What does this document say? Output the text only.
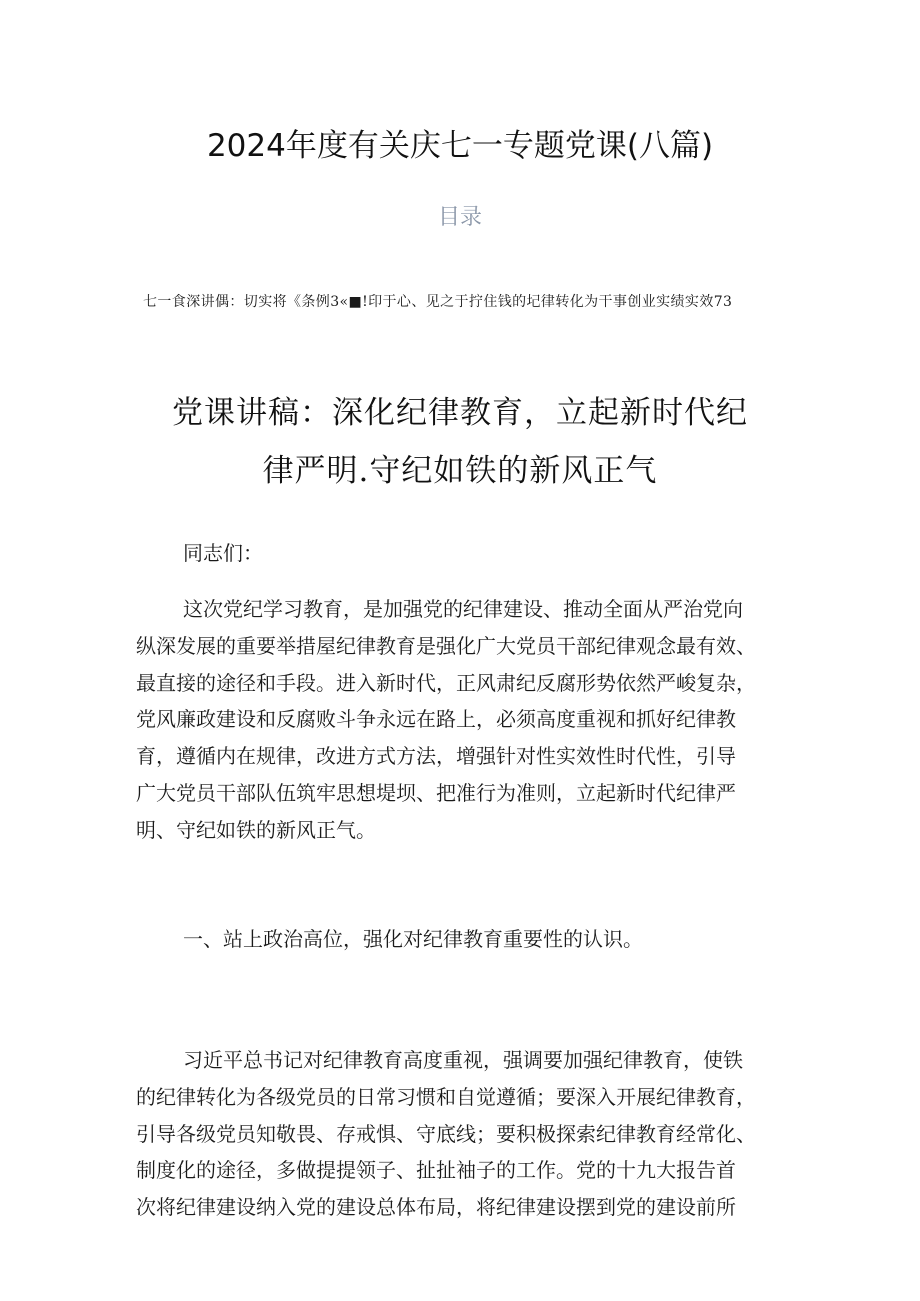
2024年度有关庆七一专题党课(八篇)
目录
七一食深讲偶：切实将《条例3«■!印于心、见之于拧住钱的圮律转化为干事创业实绩实效73
党课讲稿：深化纪律教育，立起新时代纪
律严明.守纪如铁的新风正气
同志们：
这次党纪学习教育，是加强党的纪律建设、推动全面从严治党向
纵深发展的重要举措屋纪律教育是强化广大党员干部纪律观念最有效、
最直接的途径和手段。进入新时代，正风肃纪反腐形势依然严峻复杂，
党风廉政建设和反腐败斗争永远在路上，必须高度重视和抓好纪律教
育，遵循内在规律，改进方式方法，增强针对性实效性时代性，引导
广大党员干部队伍筑牢思想堤坝、把准行为准则，立起新时代纪律严
明、守纪如铁的新风正气。
一、站上政治高位，强化对纪律教育重要性的认识。
习近平总书记对纪律教育高度重视，强调要加强纪律教育，使铁
的纪律转化为各级党员的日常习惯和自觉遵循；要深入开展纪律教育，
引导各级党员知敬畏、存戒惧、守底线；要积极探索纪律教育经常化、
制度化的途径，多做提提领子、扯扯袖子的工作。党的十九大报告首
次将纪律建设纳入党的建设总体布局，将纪律建设摆到党的建设前所
